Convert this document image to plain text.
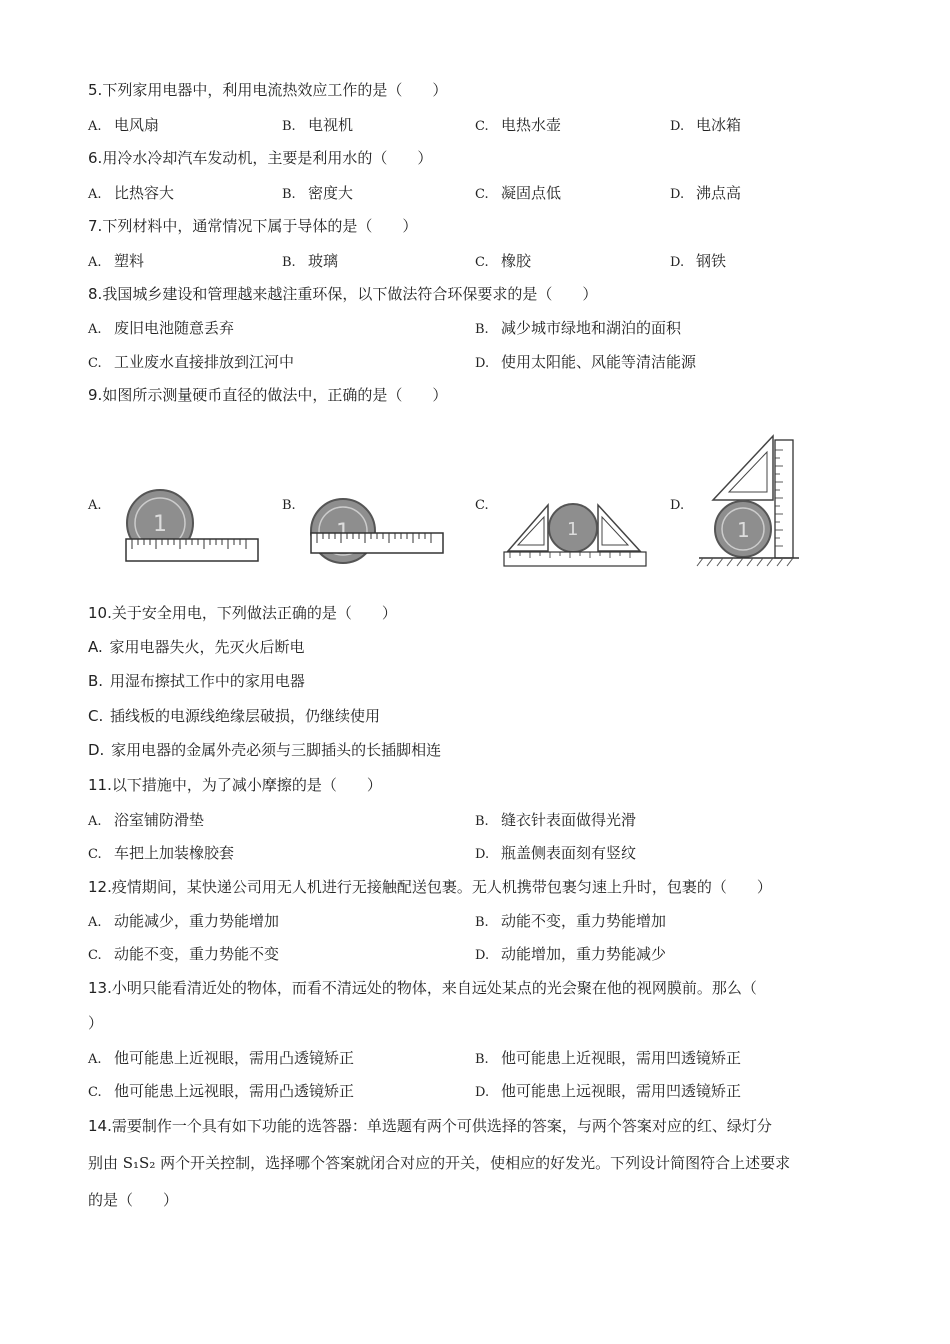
5.下列家用电器中，利用电流热效应工作的是（　　）
A. 电风扇	B. 电视机	C. 电热水壶	D. 电冰箱
6.用冷水冷却汽车发动机，主要是利用水的（　　）
A. 比热容大	B. 密度大	C. 凝固点低	D. 沸点高
7.下列材料中，通常情况下属于导体的是（　　）
A. 塑料	B. 玻璃	C. 橡胶	D. 钢铁
8.我国城乡建设和管理越来越注重环保，以下做法符合环保要求的是（　　）
A. 废旧电池随意丢弃	B. 减少城市绿地和湖泊的面积
C. 工业废水直接排放到江河中	D. 使用太阳能、风能等清洁能源
9.如图所示测量硬币直径的做法中，正确的是（　　）
A.	B.	C.	D.
1	1	1
10.关于安全用电，下列做法正确的是（　　）
A. 家用电器失火，先灭火后断电
B. 用湿布擦拭工作中的家用电器
C. 插线板的电源线绝缘层破损，仍继续使用
D. 家用电器的金属外壳必须与三脚插头的长插脚相连
11.以下措施中，为了减小摩擦的是（　　）
A. 浴室铺防滑垫	B. 缝衣针表面做得光滑
C. 车把上加装橡胶套	D. 瓶盖侧表面刻有竖纹
12.疫情期间，某快递公司用无人机进行无接触配送包裹。无人机携带包裹匀速上升时，包裹的（　　）
A. 动能减少，重力势能增加	B. 动能不变，重力势能增加
C. 动能不变，重力势能不变	D. 动能增加，重力势能减少
13.小明只能看清近处的物体，而看不清远处的物体，来自远处某点的光会聚在他的视网膜前。那么（
）
A. 他可能患上近视眼，需用凸透镜矫正	B. 他可能患上近视眼，需用凹透镜矫正
C. 他可能患上远视眼，需用凸透镜矫正	D. 他可能患上远视眼，需用凹透镜矫正
14.需要制作一个具有如下功能的选答器：单选题有两个可供选择的答案，与两个答案对应的红、绿灯分
别由 S₁S₂ 两个开关控制，选择哪个答案就闭合对应的开关，使相应的好发光。下列设计简图符合上述要求
的是（　　）
